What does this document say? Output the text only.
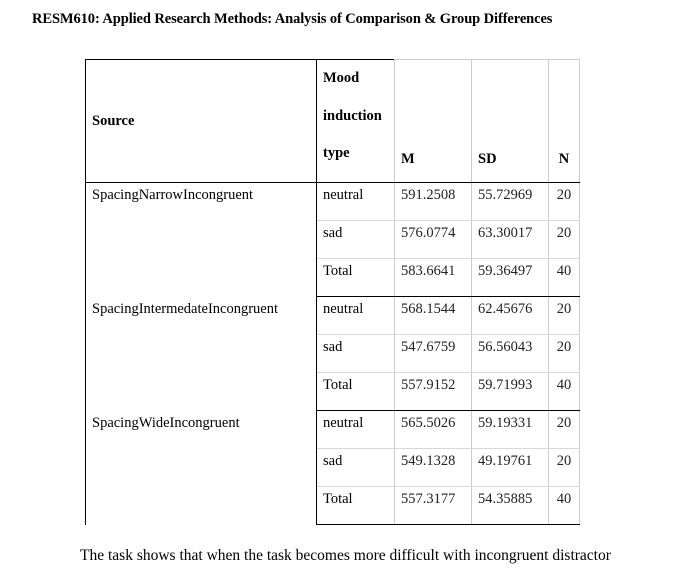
RESM610: Applied Research Methods: Analysis of Comparison & Group Differences
Source	Mood
induction
type	M	SD	N
SpacingNarrowIncongruent	neutral	591.2508	55.72969	20
	sad	576.0774	63.30017	20
	Total	583.6641	59.36497	40
SpacingIntermedateIncongruent	neutral	568.1544	62.45676	20
	sad	547.6759	56.56043	20
	Total	557.9152	59.71993	40
SpacingWideIncongruent	neutral	565.5026	59.19331	20
	sad	549.1328	49.19761	20
	Total	557.3177	54.35885	40
The task shows that when the task becomes more difficult with incongruent distractor
